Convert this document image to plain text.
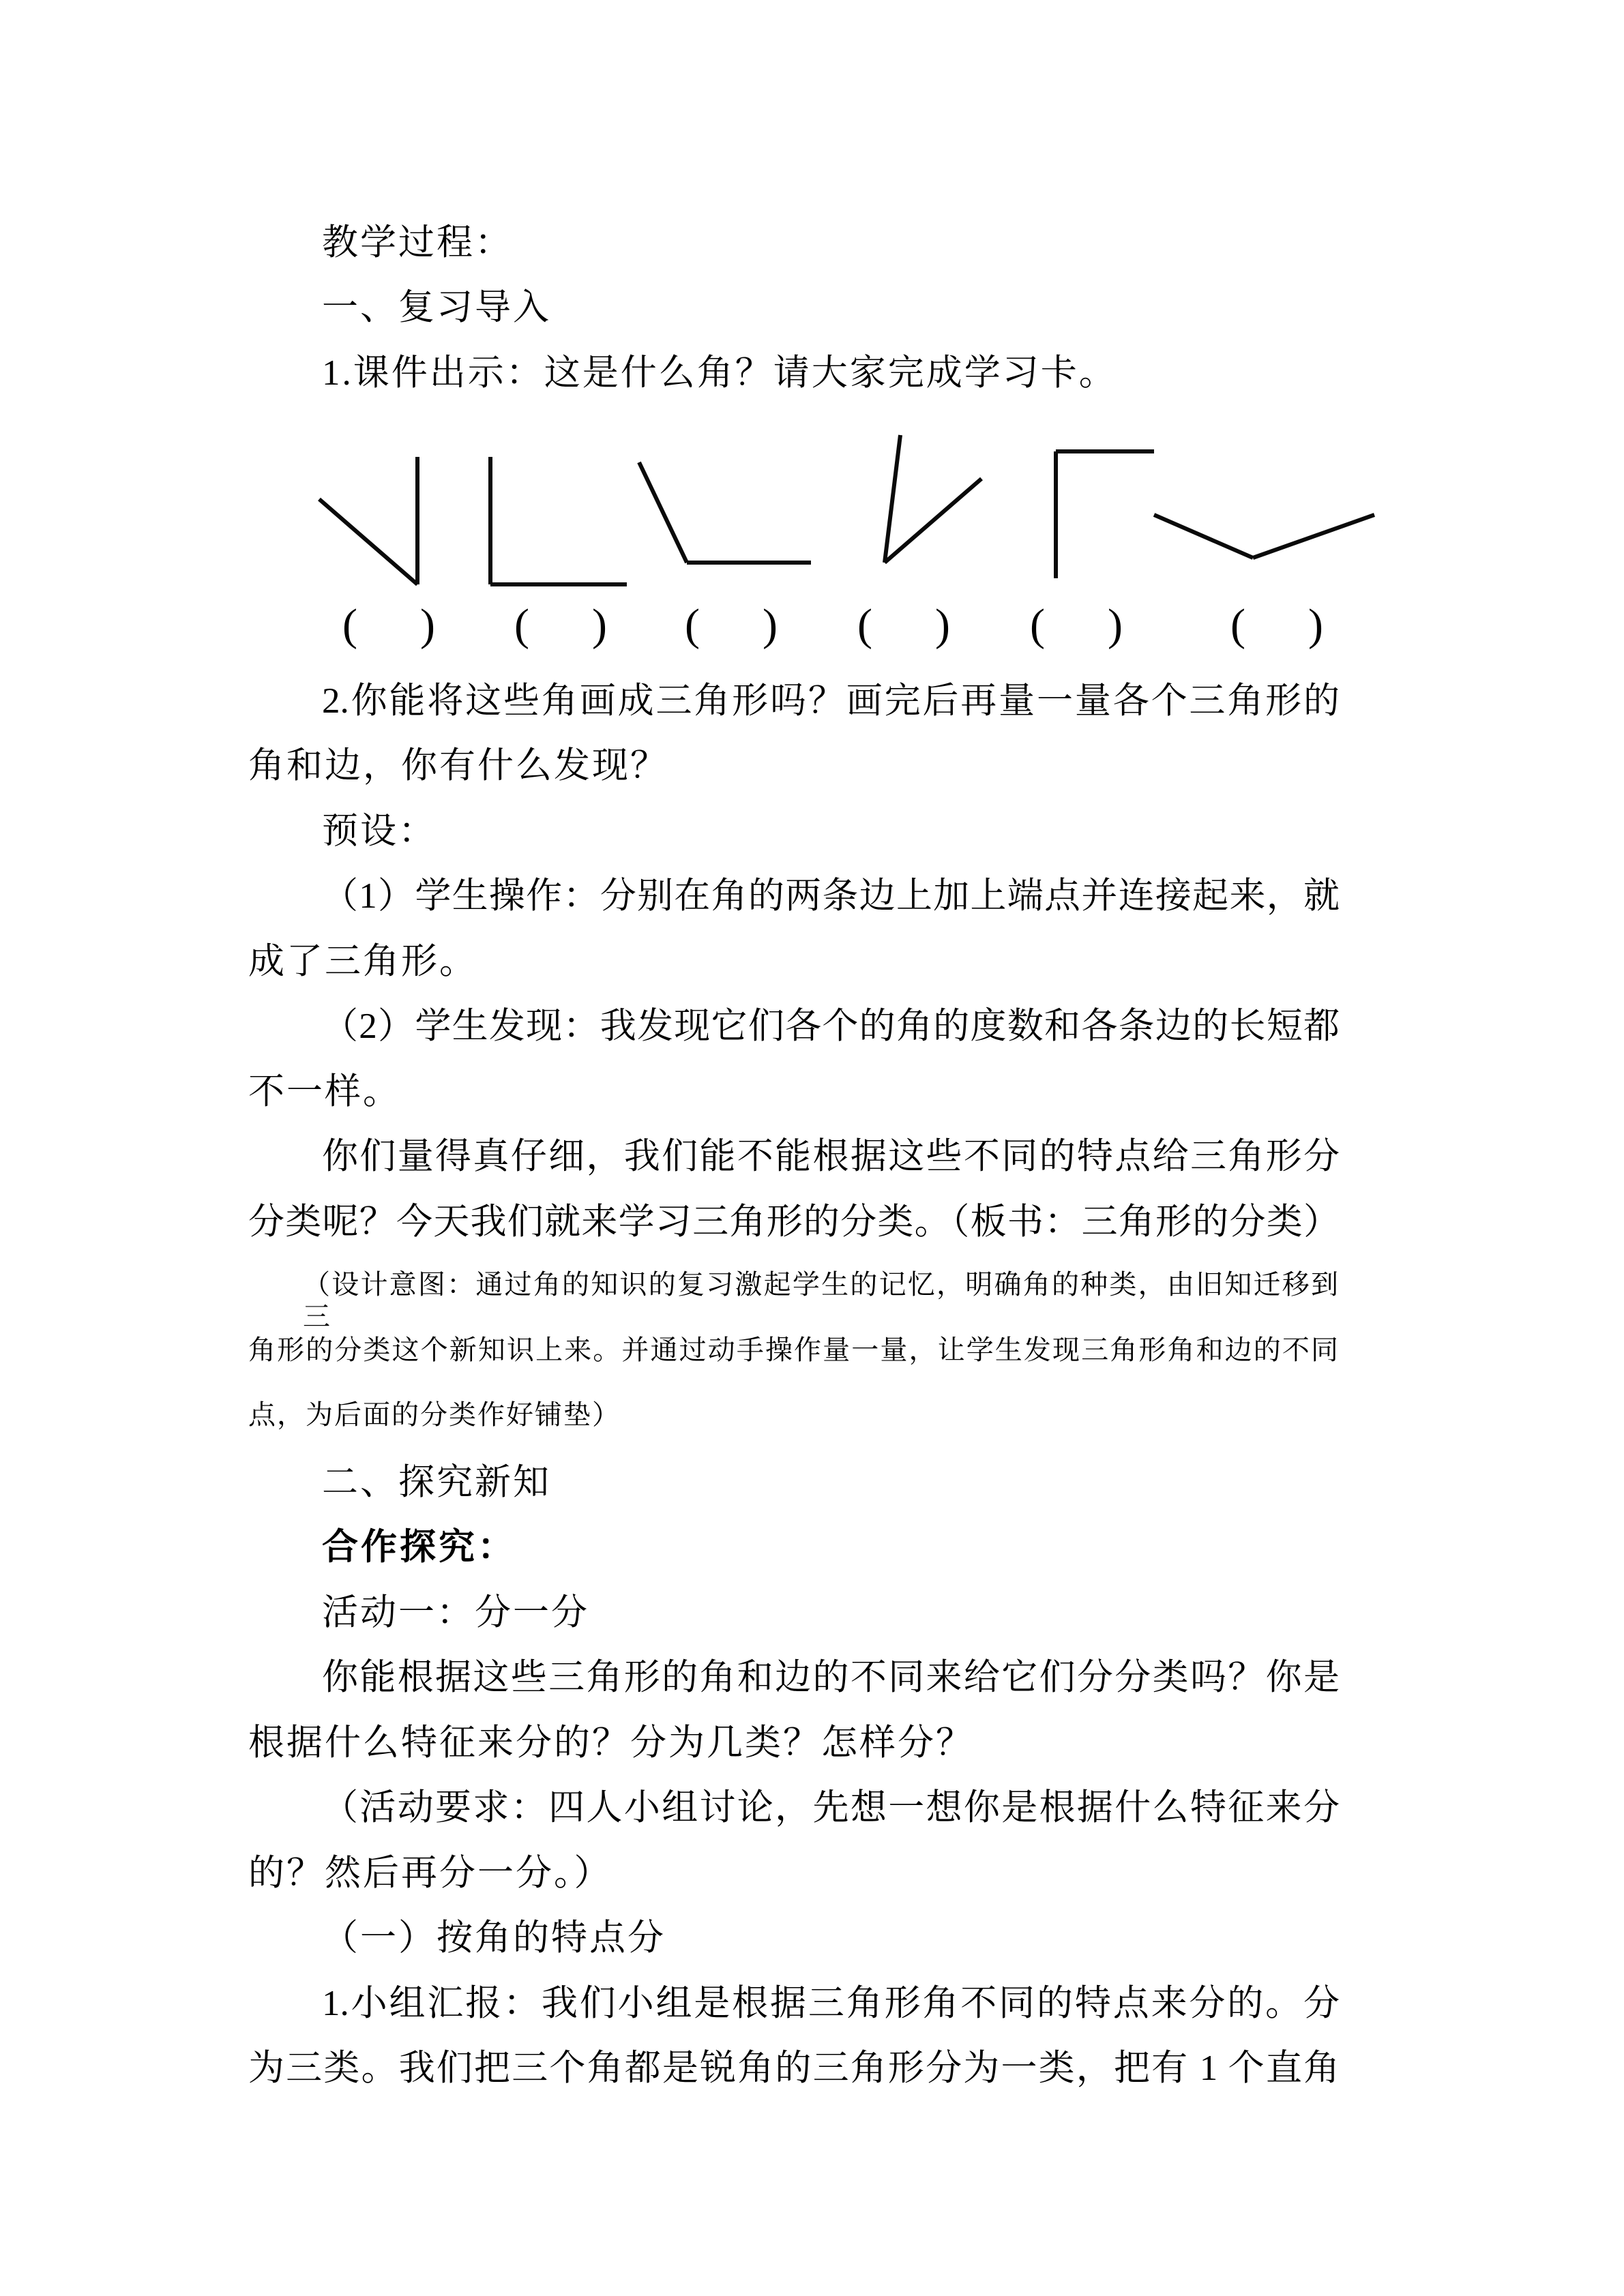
( ) ( ) ( ) ( ) ( ) ( )
教学过程：
一、复习导入
1.课件出示：这是什么角？请大家完成学习卡。
2.你能将这些角画成三角形吗？画完后再量一量各个三角形的
角和边，你有什么发现？
预设：
（1）学生操作：分别在角的两条边上加上端点并连接起来，就
成了三角形。
（2）学生发现：我发现它们各个的角的度数和各条边的长短都
不一样。
你们量得真仔细，我们能不能根据这些不同的特点给三角形分
分类呢？今天我们就来学习三角形的分类。（板书：三角形的分类）
（设计意图：通过角的知识的复习激起学生的记忆，明确角的种类，由旧知迁移到三
角形的分类这个新知识上来。并通过动手操作量一量，让学生发现三角形角和边的不同
点，为后面的分类作好铺垫）
二、探究新知
合作探究：
活动一：分一分
你能根据这些三角形的角和边的不同来给它们分分类吗？你是
根据什么特征来分的？分为几类？怎样分？
（活动要求：四人小组讨论，先想一想你是根据什么特征来分
的？然后再分一分。）
（一）按角的特点分
1.小组汇报：我们小组是根据三角形角不同的特点来分的。分
为三类。我们把三个角都是锐角的三角形分为一类，把有 1 个直角
